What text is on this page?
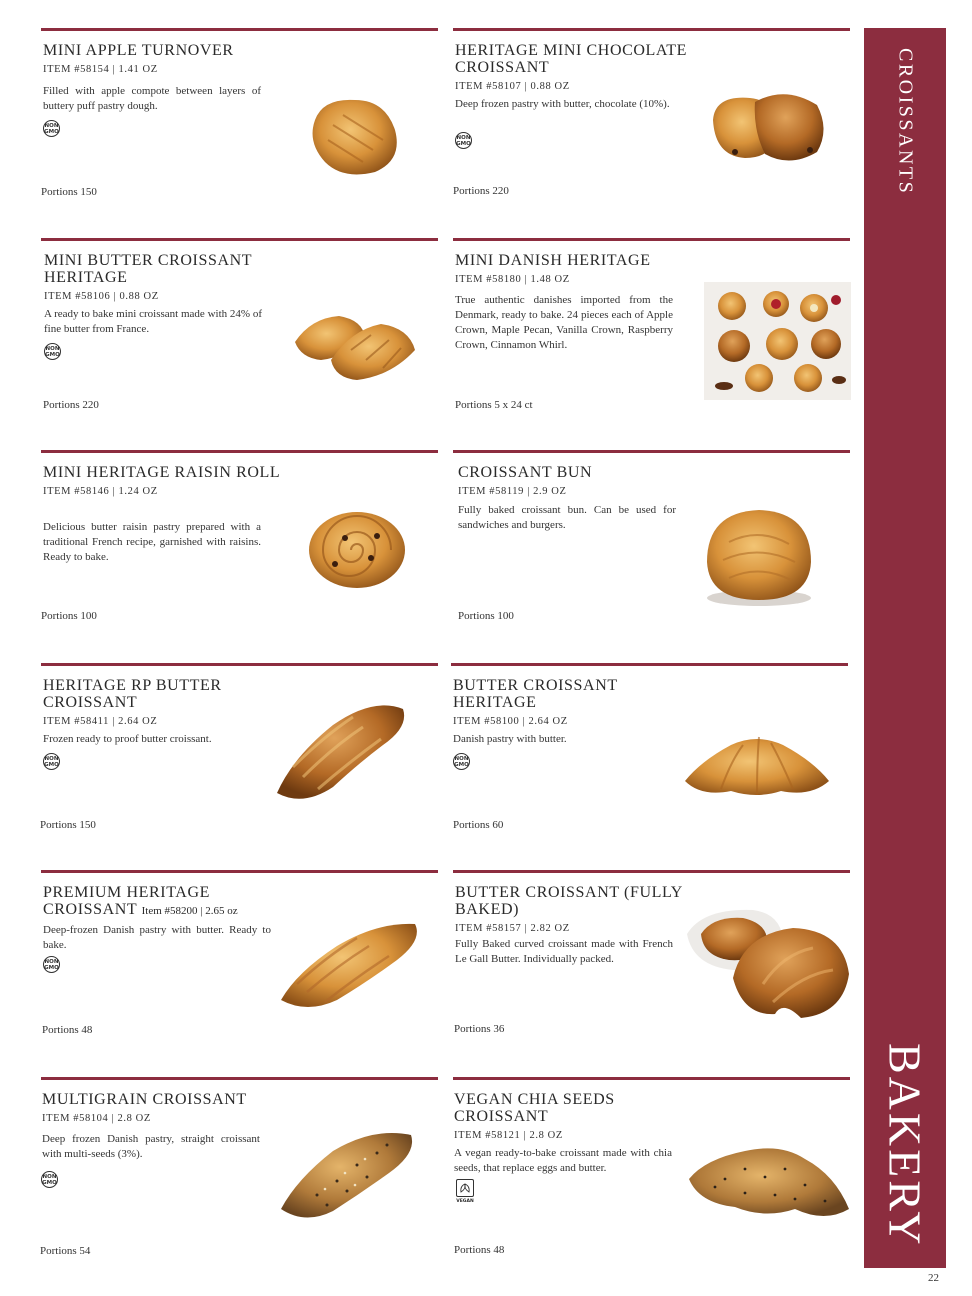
MINI APPLE TURNOVER
ITEM #58154 | 1.41 OZ

Filled with apple compote between layers of buttery puff pastry dough.

NON
GMO
Portions 150
HERITAGE MINI CHOCOLATE CROISSANT
ITEM #58107 | 0.88 OZ

Deep frozen pastry with butter, chocolate (10%).

NON
GMO
Portions 220
MINI BUTTER CROISSANT HERITAGE
ITEM #58106 | 0.88 OZ

A ready to bake mini croissant made with 24% of fine butter from France.

NON
GMO
Portions 220
MINI DANISH HERITAGE
ITEM #58180 | 1.48 OZ

True authentic danishes imported from the Denmark, ready to bake. 24 pieces each of Apple Crown, Maple Pecan, Vanilla Crown, Raspberry Crown, Cinnamon Whirl.

Portions 5 x 24 ct
MINI HERITAGE RAISIN ROLL
ITEM #58146 | 1.24 OZ

Delicious butter raisin pastry prepared with a traditional French recipe, garnished with raisins. Ready to bake.

Portions 100
CROISSANT BUN
ITEM #58119 | 2.9 OZ

Fully baked croissant bun. Can be used for sandwiches and burgers.

Portions 100
HERITAGE RP BUTTER CROISSANT
ITEM #58411 | 2.64 OZ

Frozen ready to proof butter croissant.

NON
GMO
Portions 150
BUTTER CROISSANT HERITAGE
ITEM #58100 | 2.64 OZ

Danish pastry with butter.

NON
GMO
Portions 60
PREMIUM HERITAGE CROISSANT Item #58200 | 2.65 oz

Deep-frozen Danish pastry with butter. Ready to bake.

NON
GMO
Portions 48
BUTTER CROISSANT (FULLY BAKED)
ITEM #58157 | 2.82 OZ

Fully Baked curved croissant made with French Le Gall Butter. Individually packed.

Portions 36
MULTIGRAIN CROISSANT
ITEM #58104 | 2.8 OZ

Deep frozen Danish pastry, straight croissant with multi-seeds (3%).

NON
GMO
Portions 54
VEGAN CHIA SEEDS CROISSANT
ITEM #58121 | 2.8 OZ

A vegan ready-to-bake croissant made with chia seeds, that replace eggs and butter.

VEGAN
Portions 48
CROISSANTS
BAKERY
22
